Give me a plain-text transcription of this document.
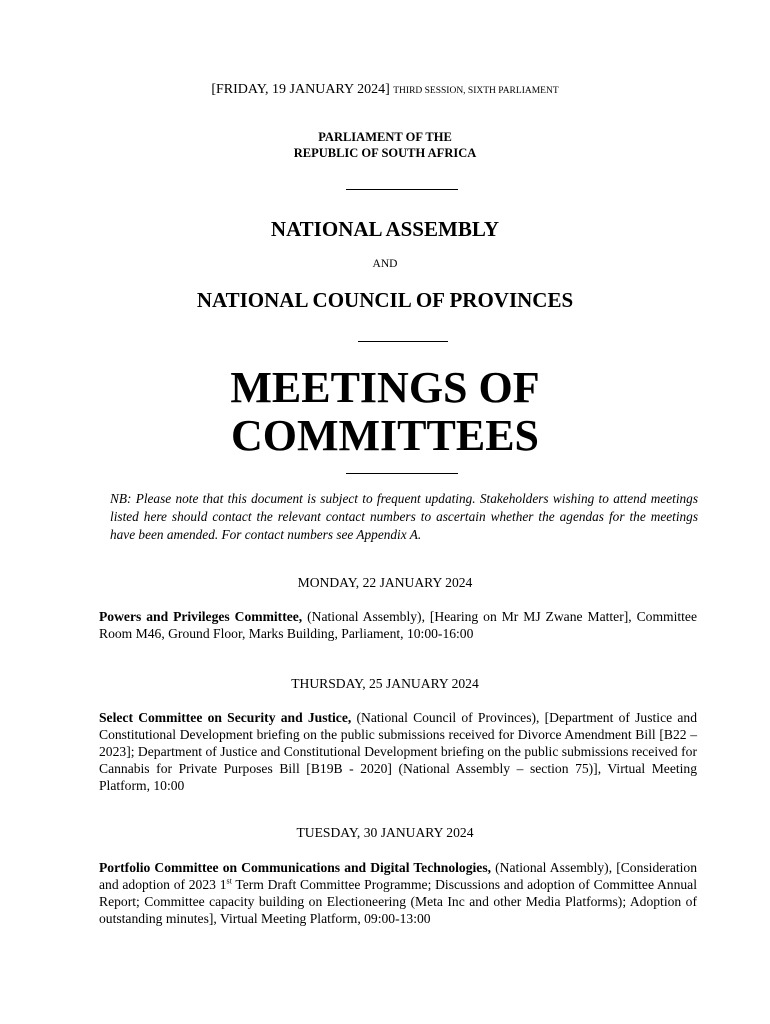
[FRIDAY, 19 JANUARY 2024] THIRD SESSION, SIXTH PARLIAMENT
PARLIAMENT OF THE
REPUBLIC OF SOUTH AFRICA
NATIONAL ASSEMBLY
AND
NATIONAL COUNCIL OF PROVINCES
MEETINGS OF
COMMITTEES
NB: Please note that this document is subject to frequent updating. Stakeholders wishing to attend meetings listed here should contact the relevant contact numbers to ascertain whether the agendas for the meetings have been amended. For contact numbers see Appendix A.
MONDAY, 22 JANUARY 2024
Powers and Privileges Committee, (National Assembly), [Hearing on Mr MJ Zwane Matter], Committee Room M46, Ground Floor, Marks Building, Parliament, 10:00-16:00
THURSDAY, 25 JANUARY 2024
Select Committee on Security and Justice, (National Council of Provinces), [Department of Justice and Constitutional Development briefing on the public submissions received for Divorce Amendment Bill [B22 – 2023]; Department of Justice and Constitutional Development briefing on the public submissions received for Cannabis for Private Purposes Bill [B19B - 2020] (National Assembly – section 75)], Virtual Meeting Platform, 10:00
TUESDAY, 30 JANUARY 2024
Portfolio Committee on Communications and Digital Technologies, (National Assembly), [Consideration and adoption of 2023 1st Term Draft Committee Programme; Discussions and adoption of Committee Annual Report; Committee capacity building on Electioneering (Meta Inc and other Media Platforms); Adoption of outstanding minutes], Virtual Meeting Platform, 09:00-13:00
